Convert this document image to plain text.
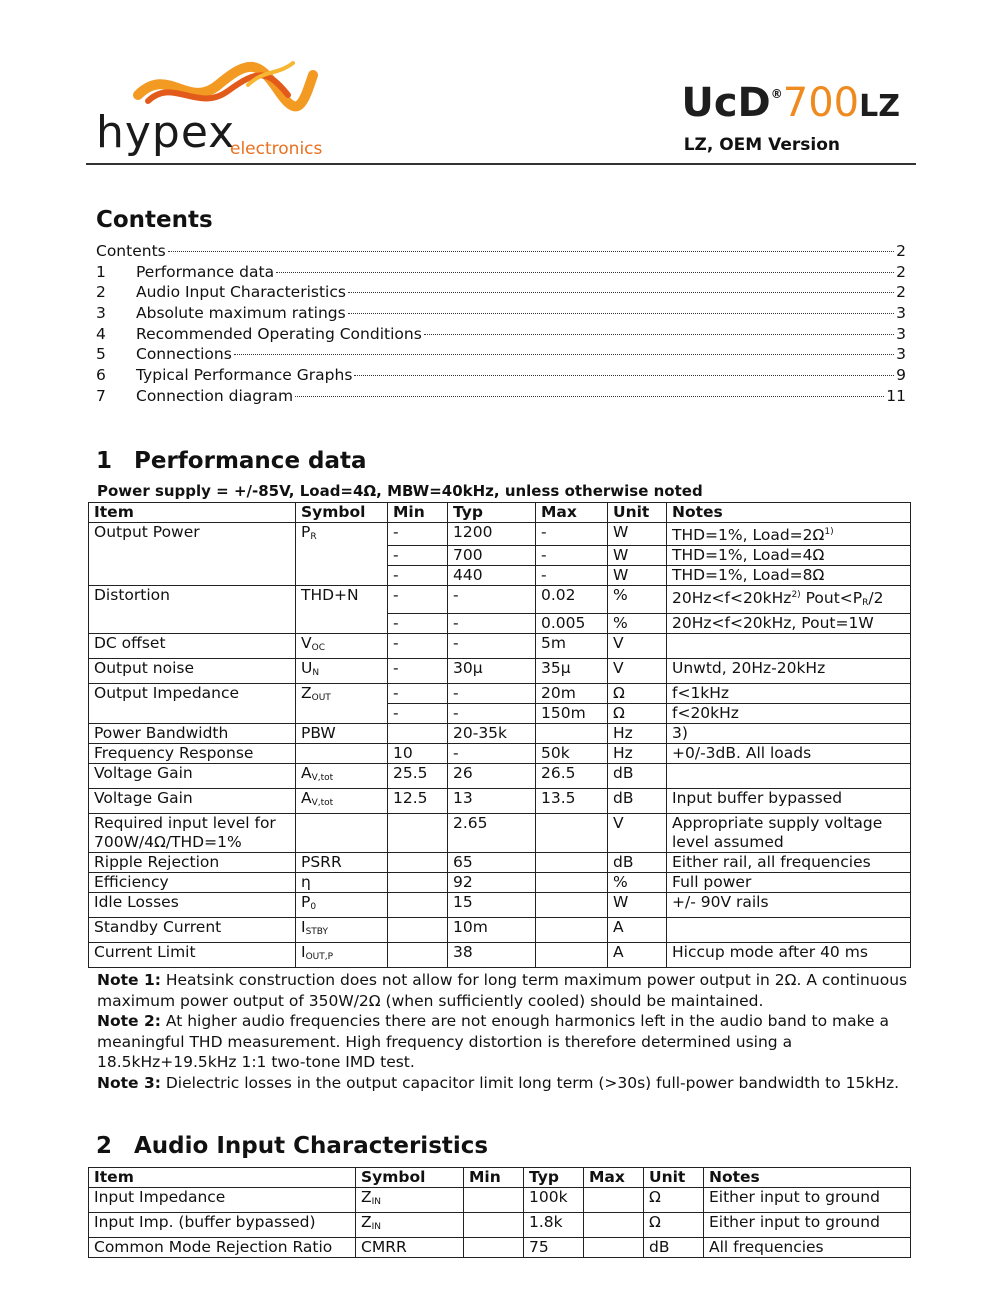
hypex
electronics
UcD®700LZ
LZ, OEM Version
Contents
Contents	2
1	Performance data	2
2	Audio Input Characteristics	2
3	Absolute maximum ratings	3
4	Recommended Operating Conditions	3
5	Connections	3
6	Typical Performance Graphs	9
7	Connection diagram	11
1 Performance data
Power supply = +/-85V, Load=4Ω, MBW=40kHz, unless otherwise noted
Item	Symbol	Min	Typ	Max	Unit	Notes
Output Power	$P_R$	-	1200	-	W	THD=1%, $Load=2\Omega^{1)}$
		-	700	-	W	THD=1%, Load=4Ω
		-	440	-	W	THD=1%, Load=8Ω
Distortion	THD+N	-	-	0.02	%	20Hz<f<20kHz$^{2)}$ $Pout<P_R/2$
		-	-	0.005	%	20Hz<f<20kHz, Pout=1W
DC offset	$V_{OC}$	-	-	5m	V	
Output noise	$U_N$	-	30µ	35µ	V	Unwtd, 20Hz-20kHz
Output Impedance	$Z_{OUT}$	-	-	20m	Ω	f<1kHz
		-	-	150m	Ω	f<20kHz
Power Bandwidth	PBW		20-35k		Hz	3)
Frequency Response		10	-	50k	Hz	+0/-3dB. All loads
Voltage Gain	$A_{V,tot}$	25.5	26	26.5	dB	
Voltage Gain	$A_{V,tot}$	12.5	13	13.5	dB	Input buffer bypassed
Required input level for 700W/4Ω/THD=1%			2.65		V	Appropriate supply voltage level assumed
Ripple Rejection	PSRR		65		dB	Either rail, all frequencies
Efficiency	η		92		%	Full power
Idle Losses	$P_0$		15		W	+/- 90V rails
Standby Current	$I_{STBY}$		10m		A	
Current Limit	$I_{OUT,P}$		38		A	Hiccup mode after 40 ms

Note 1: Heatsink construction does not allow for long term maximum power output in 2Ω. A continuous maximum power output of 350W/2Ω (when sufficiently cooled) should be maintained.

Note 2: At higher audio frequencies there are not enough harmonics left in the audio band to make a meaningful THD measurement. High frequency distortion is therefore determined using a 18.5kHz+19.5kHz 1:1 two-tone IMD test.

Note 3: Dielectric losses in the output capacitor limit long term (>30s) full-power bandwidth to 15kHz.

2 Audio Input Characteristics
Item	Symbol	Min	Typ	Max	Unit	Notes
Input Impedance	$Z_{IN}$		100k		Ω	Either input to ground
Input Imp. (buffer bypassed)	$Z_{IN}$		1.8k		Ω	Either input to ground
Common Mode Rejection Ratio	CMRR		75		dB	All frequencies
